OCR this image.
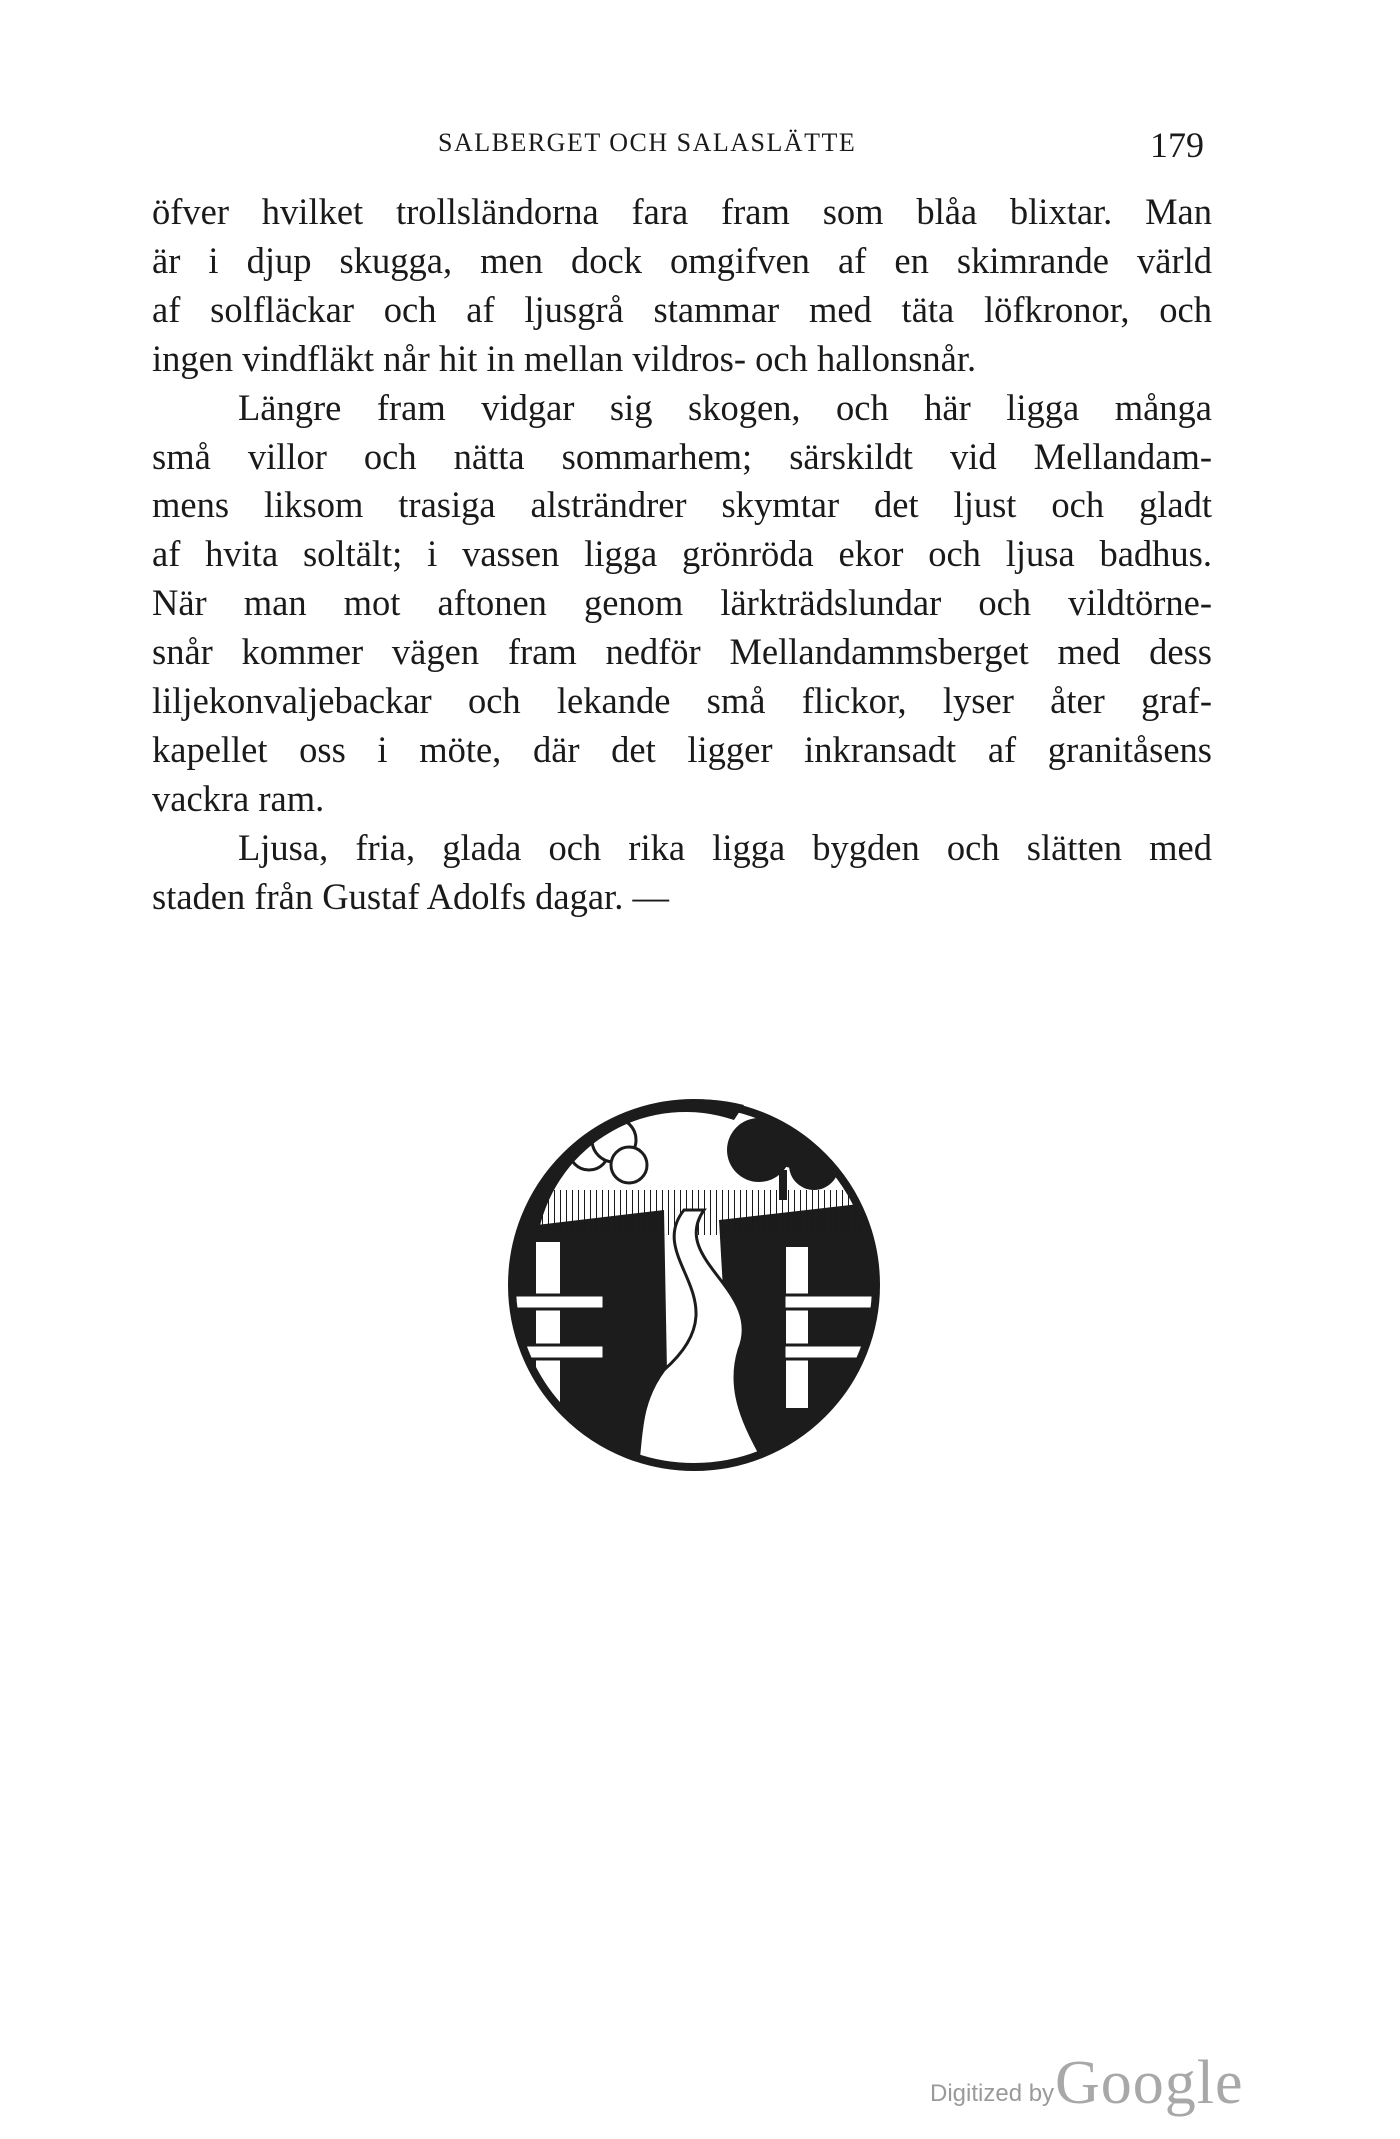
SALBERGET OCH SALASLÄTTE	179
öfver hvilket trollsländorna fara fram som blåa blixtar. Man
är i djup skugga, men dock omgifven af en skimrande värld
af solfläckar och af ljusgrå stammar med täta löfkronor, och
ingen vindfläkt når hit in mellan vildros- och hallonsnår.
Längre fram vidgar sig skogen, och här ligga många
små villor och nätta sommarhem; särskildt vid Mellandam-
mens liksom trasiga alsträndrer skymtar det ljust och gladt
af hvita soltält; i vassen ligga grönröda ekor och ljusa badhus.
När man mot aftonen genom lärkträdslundar och vildtörne-
snår kommer vägen fram nedför Mellandammsberget med dess
liljekonvaljebackar och lekande små flickor, lyser åter graf-
kapellet oss i möte, där det ligger inkransadt af granitåsens
vackra ram.
Ljusa, fria, glada och rika ligga bygden och slätten med
staden från Gustaf Adolfs dagar. —
Digitized by Google
